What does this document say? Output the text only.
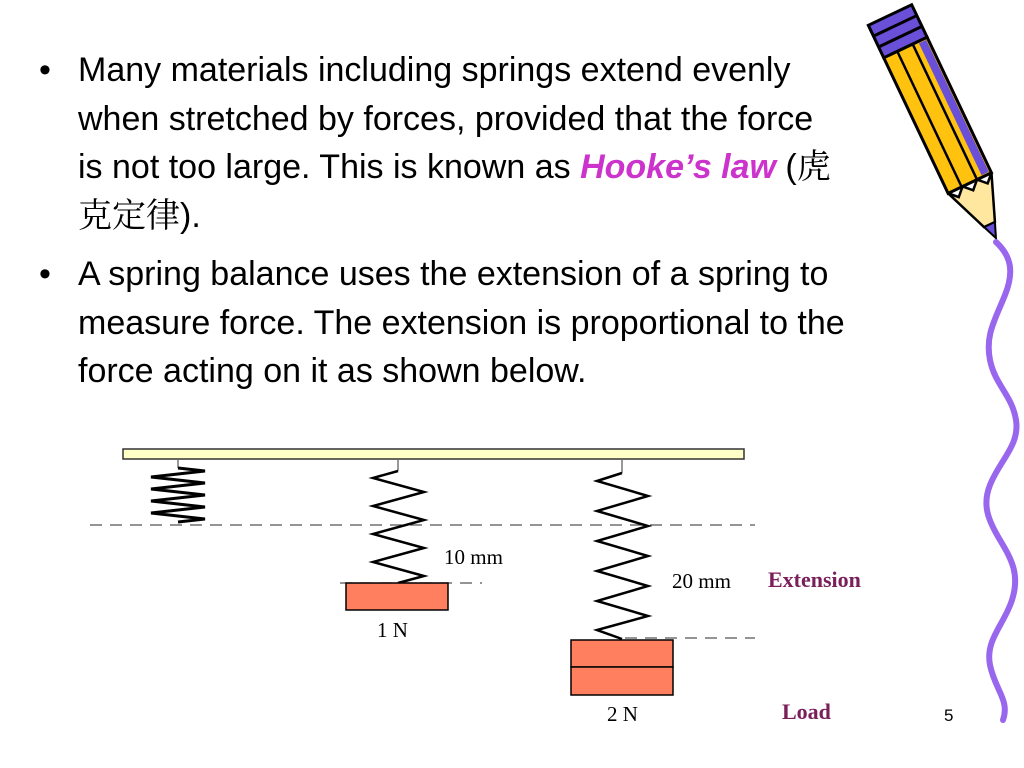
10 mm
1 N
20 mm
2 N
Extension
Load
• Many materials including springs extend evenly
when stretched by forces, provided that the force
is not too large. This is known as Hooke’s law (虎
克定律).
• A spring balance uses the extension of a spring to
measure force. The extension is proportional to the
force acting on it as shown below.
5
